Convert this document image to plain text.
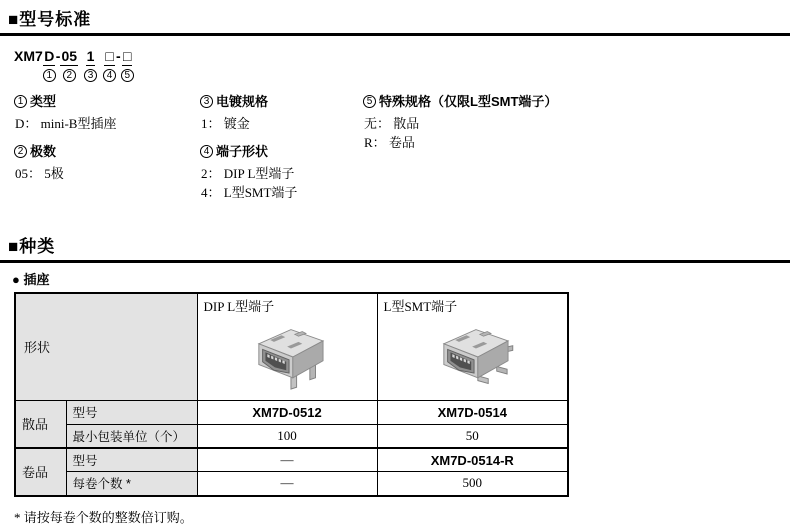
■型号标准
XM7 D
1
- 05
2
1
3
□
4
- □
5
1 类型
D： mini-B型插座
2 极数
05： 5极
3 电镀规格
1： 镀金
4 端子形状
2： DIP L型端子
4： L型SMT端子
5 特殊规格（仅限L型SMT端子）
无： 散品
R： 卷品
■种类
● 插座
形状		DIP L型端子	L型SMT端子

散品	型号	XM7D-0512	XM7D-0514
	最小包装单位（个）	100	50
卷品	型号	—	XM7D-0514-R
	每卷个数 *	—	500
* 请按每卷个数的整数倍订购。
